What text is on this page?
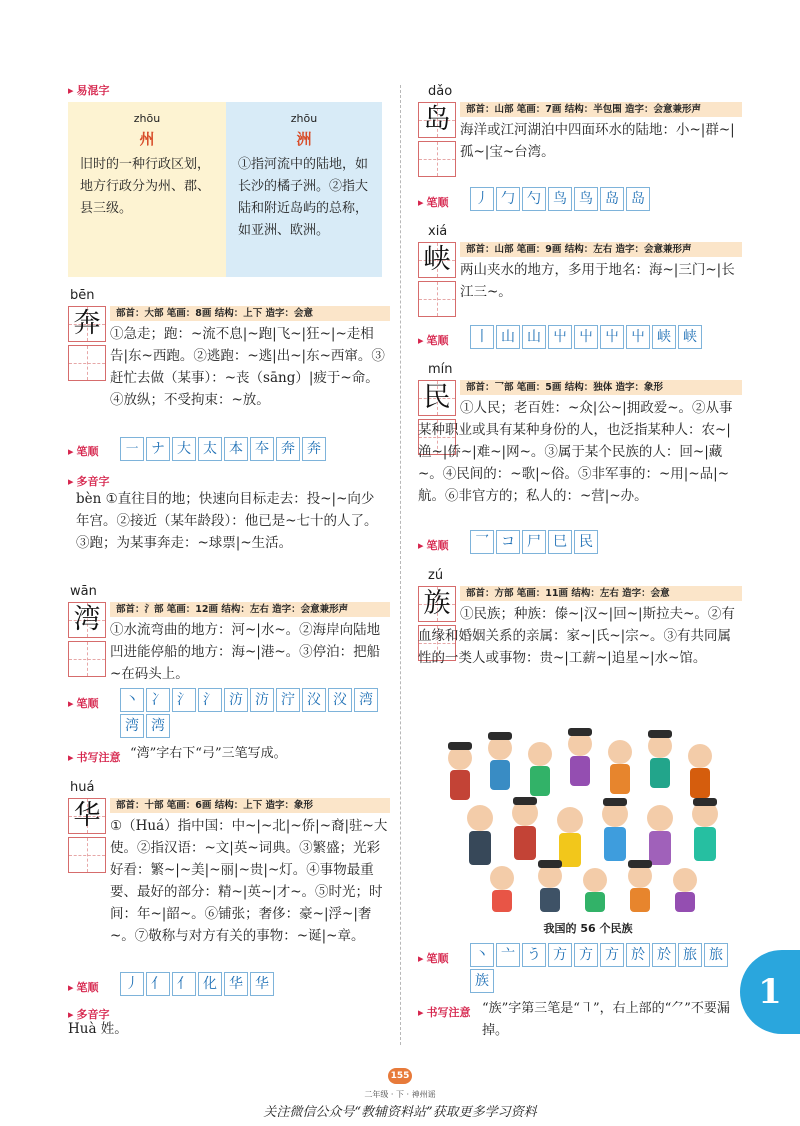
▸ 易混字
zhōu
州
旧时的一种行政区划，地方行政分为州、郡、县三级。
zhōu
洲
①指河流中的陆地，如长沙的橘子洲。②指大陆和附近岛屿的总称，如亚洲、欧洲。
bēn
奔	部首：大部 笔画：8画 结构：上下 造字：会意
①急走；跑：~流不息|~跑|飞~|狂~|~走相告|东~西跑。②逃跑：~逃|出~|东~西窜。③赶忙去做（某事）：~丧（sāng）|疲于~命。④放纵；不受拘束：~放。
▸ 笔顺	㇐ ナ 大 太 本 夲 奔 奔
▸ 多音字
bèn ①直往目的地；快速向目标走去：投~|~向少年宫。②接近（某年龄段）：他已是~七十的人了。③跑；为某事奔走：~球票|~生活。
wān
湾	部首：氵部 笔画：12画 结构：左右 造字：会意兼形声
①水流弯曲的地方：河~|水~。②海岸向陆地凹进能停船的地方：海~|港~。③停泊：把船~在码头上。
▸ 笔顺	丶 冫 氵 氵 汸 汸 泞 㳇 㳇 湾
湾 湾
▸ 书写注意 “湾”字右下“弓”三笔写成。
huá
华	部首：十部 笔画：6画 结构：上下 造字：象形
①（Huá）指中国：中~|~北|~侨|~裔|驻~大使。②指汉语：~文|英~词典。③繁盛；光彩好看：繁~|~美|~丽|~贵|~灯。④事物最重要、最好的部分：精~|英~|才~。⑤时光；时间：年~|韶~。⑥铺张；奢侈：豪~|浮~|奢~。⑦敬称与对方有关的事物：~诞|~章。
▸ 笔顺	丿 亻 亻 化 华 华
▸ 多音字
Huà 姓。
dǎo
岛	部首：山部 笔画：7画 结构：半包围 造字：会意兼形声
海洋或江河湖泊中四面环水的陆地：小~|群~|孤~|宝~台湾。
▸ 笔顺	丿 勹 勺 鸟 鸟 岛 岛
xiá
峡	部首：山部 笔画：9画 结构：左右 造字：会意兼形声
两山夹水的地方，多用于地名：海~|三门~|长江三~。
▸ 笔顺	丨 山 山 屮 屮 屮 屮 峡 峡
mín
民	部首：乛部 笔画：5画 结构：独体 造字：象形
①人民；老百姓：~众|公~|拥政爱~。②从事某种职业或具有某种身份的人，也泛指某种人：农~|渔~|侨~|难~|网~。③属于某个民族的人：回~|藏~。④民间的：~歌|~俗。⑤非军事的：~用|~品|~航。⑥非官方的；私人的：~营|~办。
▸ 笔顺	乛 コ 尸 巳 民
zú
族	部首：方部 笔画：11画 结构：左右 造字：会意
①民族；种族：傣~|汉~|回~|斯拉夫~。②有血缘和婚姻关系的亲属：家~|氏~|宗~。③有共同属性的一类人或事物：贵~|工薪~|追星~|水~馆。
我国的 56 个民族
▸ 笔顺	丶 亠 う 方 方 方 於 於 旅 旅
族
▸ 书写注意 “族”字第三笔是“㇕”，右上部的“⺈”不要漏掉。
1
155
二年级 · 下 · 神州谣
关注微信公众号“教辅资料站”获取更多学习资料
